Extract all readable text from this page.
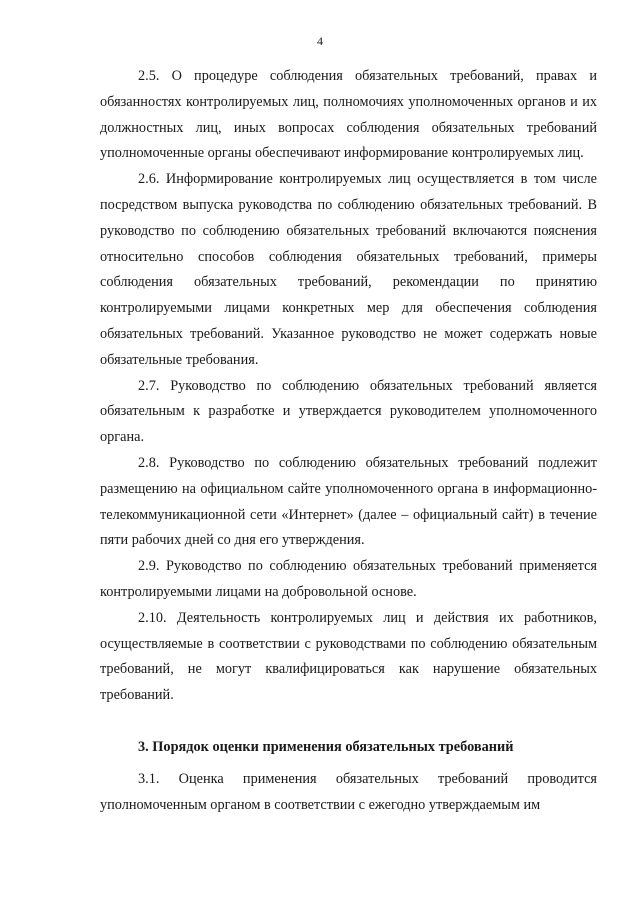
4

2.5. О процедуре соблюдения обязательных требований, правах и обязанностях контролируемых лиц, полномочиях уполномоченных органов и их должностных лиц, иных вопросах соблюдения обязательных требований уполномоченные органы обеспечивают информирование контролируемых лиц.

2.6. Информирование контролируемых лиц осуществляется в том числе посредством выпуска руководства по соблюдению обязательных требований. В руководство по соблюдению обязательных требований включаются пояснения относительно способов соблюдения обязательных требований, примеры соблюдения обязательных требований, рекомендации по принятию контролируемыми лицами конкретных мер для обеспечения соблюдения обязательных требований. Указанное руководство не может содержать новые обязательные требования.

2.7. Руководство по соблюдению обязательных требований является обязательным к разработке и утверждается руководителем уполномоченного органа.

2.8. Руководство по соблюдению обязательных требований подлежит размещению на официальном сайте уполномоченного органа в информационно-телекоммуникационной сети «Интернет» (далее – официальный сайт) в течение пяти рабочих дней со дня его утверждения.

2.9. Руководство по соблюдению обязательных требований применяется контролируемыми лицами на добровольной основе.

2.10. Деятельность контролируемых лиц и действия их работников, осуществляемые в соответствии с руководствами по соблюдению обязательным требований, не могут квалифицироваться как нарушение обязательных требований.

3. Порядок оценки применения обязательных требований

3.1. Оценка применения обязательных требований проводится уполномоченным органом в соответствии с ежегодно утверждаемым им
